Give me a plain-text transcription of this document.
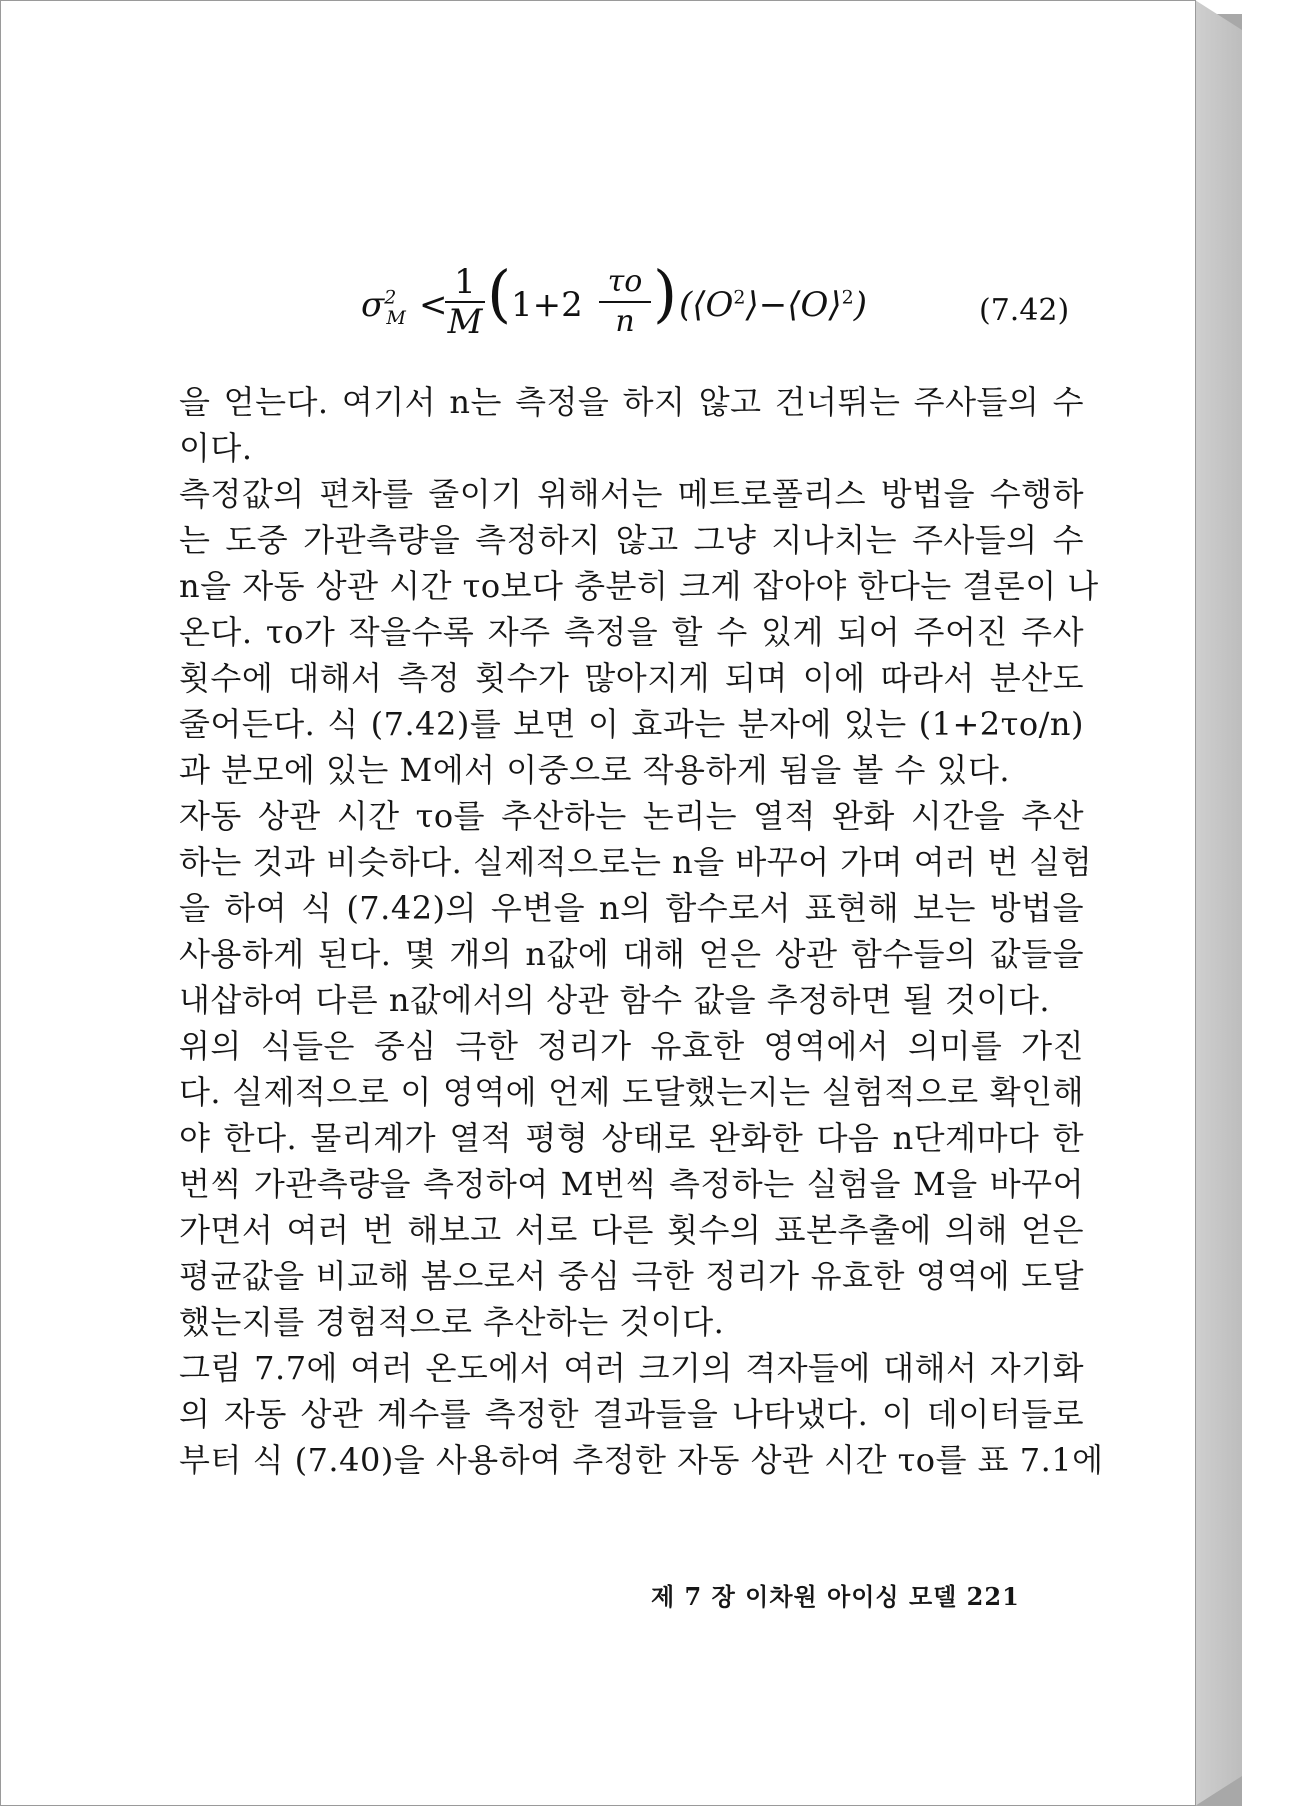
$\sigma^2_M$ <
$\frac{1}{M}$ ( $1+2 \frac{\tau o}{n}$ ) $(⟨O^2⟩-⟨O⟩^2)$	(7.42)
을 얻는다. 여기서 n는 측정을 하지 않고 건너뛰는 주사들의 수
이다.
측정값의 편차를 줄이기 위해서는 메트로폴리스 방법을 수행하
는 도중 가관측량을 측정하지 않고 그냥 지나치는 주사들의 수
n을 자동 상관 시간 τo보다 충분히 크게 잡아야 한다는 결론이 나
온다. τo가 작을수록 자주 측정을 할 수 있게 되어 주어진 주사
횟수에 대해서 측정 횟수가 많아지게 되며 이에 따라서 분산도
줄어든다. 식 (7.42)를 보면 이 효과는 분자에 있는 (1+2τo/n)
과 분모에 있는 M에서 이중으로 작용하게 됨을 볼 수 있다.
자동 상관 시간 τo를 추산하는 논리는 열적 완화 시간을 추산
하는 것과 비슷하다. 실제적으로는 n을 바꾸어 가며 여러 번 실험
을 하여 식 (7.42)의 우변을 n의 함수로서 표현해 보는 방법을
사용하게 된다. 몇 개의 n값에 대해 얻은 상관 함수들의 값들을
내삽하여 다른 n값에서의 상관 함수 값을 추정하면 될 것이다.
위의 식들은 중심 극한 정리가 유효한 영역에서 의미를 가진
다. 실제적으로 이 영역에 언제 도달했는지는 실험적으로 확인해
야 한다. 물리계가 열적 평형 상태로 완화한 다음 n단계마다 한
번씩 가관측량을 측정하여 M번씩 측정하는 실험을 M을 바꾸어
가면서 여러 번 해보고 서로 다른 횟수의 표본추출에 의해 얻은
평균값을 비교해 봄으로서 중심 극한 정리가 유효한 영역에 도달
했는지를 경험적으로 추산하는 것이다.
그림 7.7에 여러 온도에서 여러 크기의 격자들에 대해서 자기화
의 자동 상관 계수를 측정한 결과들을 나타냈다. 이 데이터들로
부터 식 (7.40)을 사용하여 추정한 자동 상관 시간 τo를 표 7.1에
제 7 장 이차원 아이싱 모델 221
